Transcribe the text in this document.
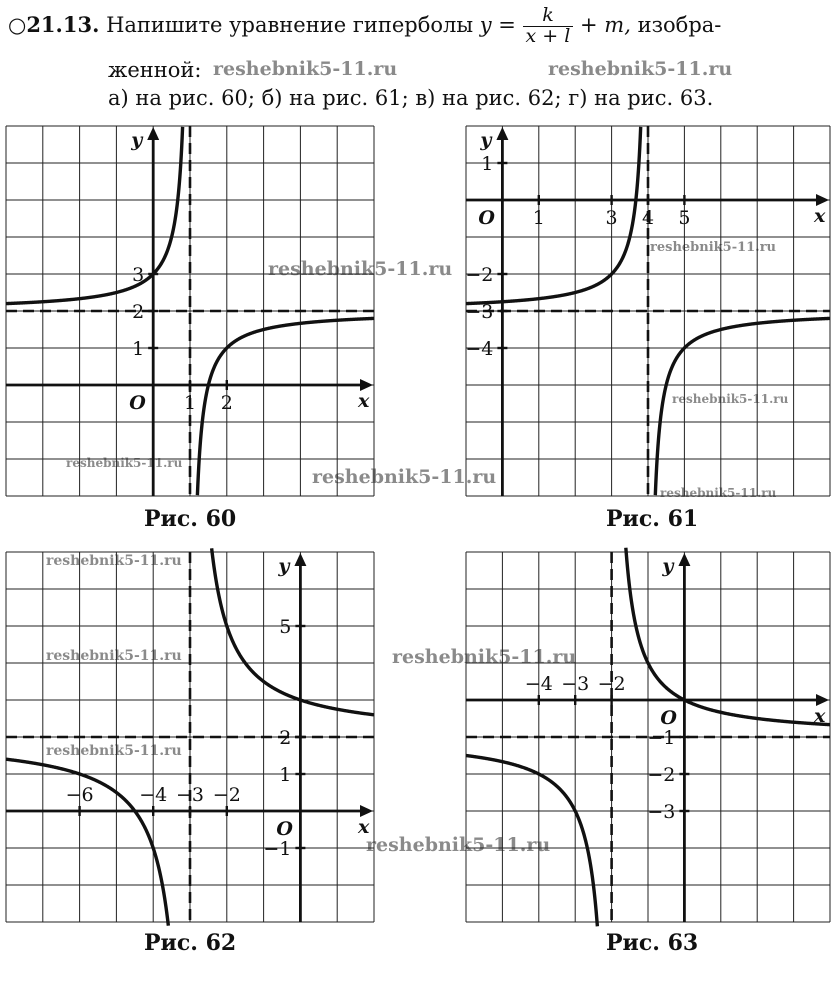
○21.13. Напишите уравнение гиперболы $y = \frac{k}{x + l} + m$, изобра-
женной:
а) на рис. 60; б) на рис. 61; в) на рис. 62; г) на рис. 63.
reshebnik5-11.ru	reshebnik5-11.ru
reshebnik5-11.ru
reshebnik5-11.ru
reshebnik5-11.ru
reshebnik5-11.ru
reshebnik5-11.ru
reshebnik5-11.ru
reshebnik5-11.ru
reshebnik5-11.ru	reshebnik5-11.ru
reshebnik5-11.ru
reshebnik5-11.ru
x
y
O 1 2
1
2
3
x
y
O 1	3 4 5
1
−2
−3
−4
x
y
O
−6 −4 −3 −2
5
2
1
−1
x
y
O
−4 −3 −2
−1
−2
−3
Рис. 60	Рис. 61
Рис. 62	Рис. 63
